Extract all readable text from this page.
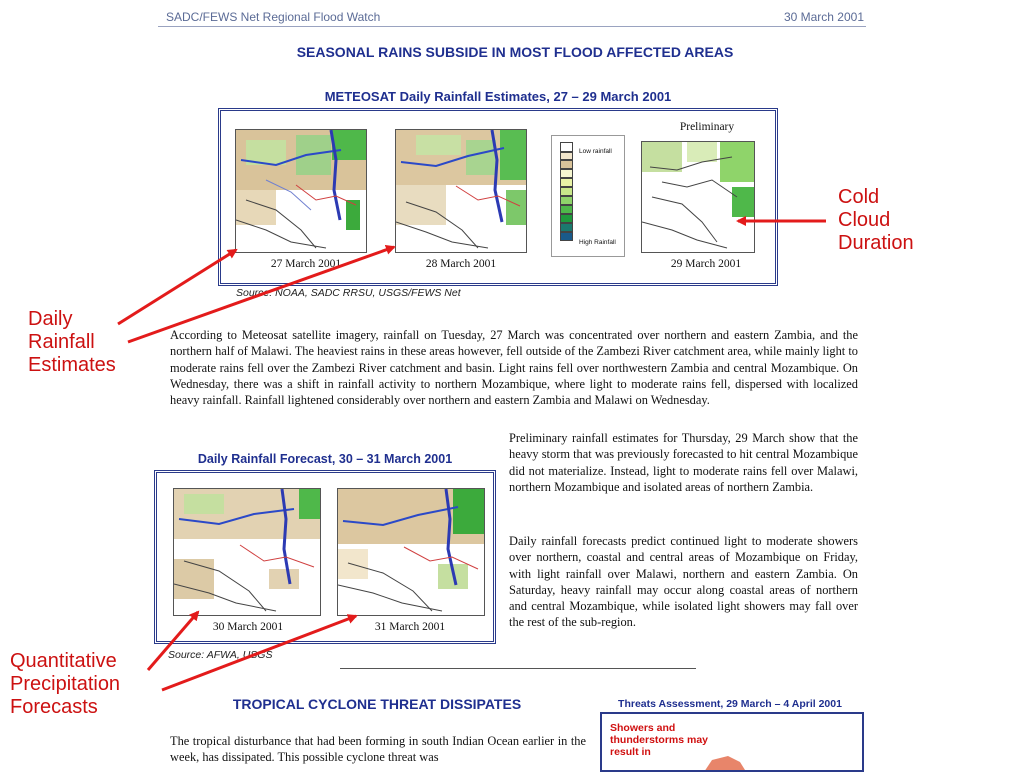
SADC/FEWS Net Regional Flood Watch	30 March 2001
SEASONAL RAINS SUBSIDE IN MOST FLOOD AFFECTED AREAS
METEOSAT Daily Rainfall Estimates, 27 – 29 March 2001
Low rainfall
High Rainfall
Preliminary
27 March 2001	28 March 2001	29 March 2001
Source: NOAA, SADC RRSU, USGS/FEWS Net
According to Meteosat satellite imagery, rainfall on Tuesday, 27 March was concentrated over northern and eastern Zambia, and the northern half of Malawi. The heaviest rains in these areas however, fell outside of the Zambezi River catchment area, while mainly light to moderate rains fell over the Zambezi River catchment and basin. Light rains fell over northwestern Zambia and central Mozambique. On Wednesday, there was a shift in rainfall activity to northern Mozambique, where light to moderate rains fell, dispersed with localized heavy rainfall. Rainfall lightened considerably over northern and eastern Zambia and Malawi on Wednesday.
Preliminary rainfall estimates for Thursday, 29 March show that the heavy storm that was previously forecasted to hit central Mozambique did not materialize. Instead, light to moderate rains fell over Malawi, northern Mozambique and isolated areas of northern Zambia.
Daily rainfall forecasts predict continued light to moderate showers over northern, coastal and central areas of Mozambique on Friday, with light rainfall over Malawi, northern and eastern Zambia. On Saturday, heavy rainfall may occur along coastal areas of northern and central Mozambique, while isolated light showers may fall over the rest of the sub-region.
Daily Rainfall Forecast, 30 – 31 March 2001
30 March 2001	31 March 2001
Source: AFWA, USGS
TROPICAL CYCLONE THREAT DISSIPATES
The tropical disturbance that had been forming in south Indian Ocean earlier in the week, has dissipated. This possible cyclone threat was
Threats Assessment, 29 March – 4 April 2001
Showers and thunderstorms may result in
Cold
Cloud
Duration
Daily
Rainfall
Estimates
Quantitative
Precipitation
Forecasts
